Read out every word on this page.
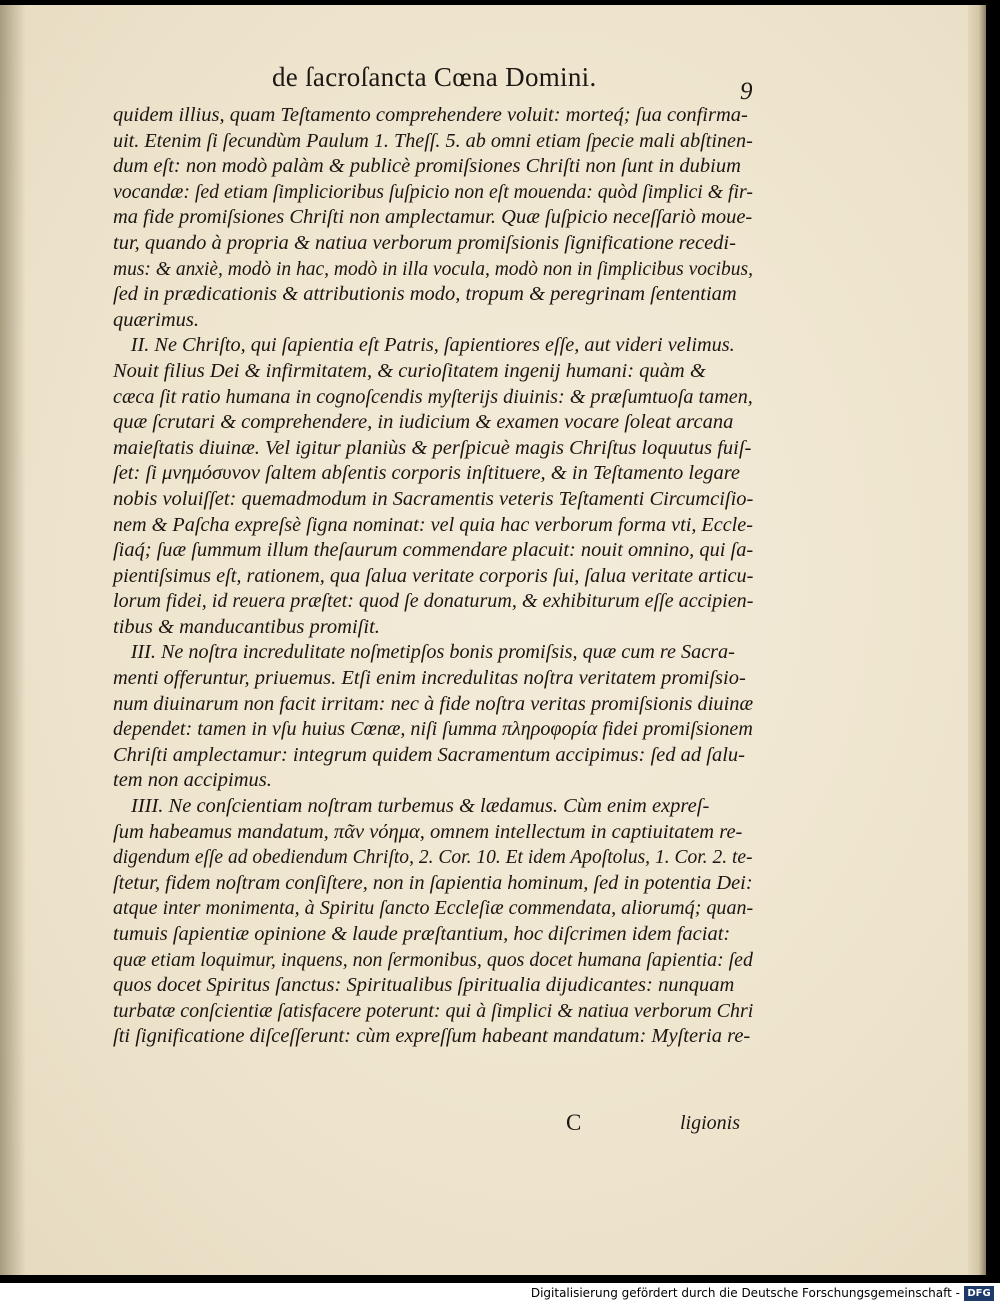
de ſacroſancta Cœna Domini.	9
quidem illius, quam Teſtamento comprehendere voluit: morteq́; ſua confirma-
uit. Etenim ſi ſecundùm Paulum 1. Theſſ. 5. ab omni etiam ſpecie mali abſtinen-
dum eſt: non modò palàm & publicè promiſsiones Chriſti non ſunt in dubium
vocandæ: ſed etiam ſimplicioribus ſuſpicio non eſt mouenda: quòd ſimplici & fir-
ma fide promiſsiones Chriſti non amplectamur. Quæ ſuſpicio neceſſariò moue-
tur, quando à propria & natiua verborum promiſsionis ſignificatione recedi-
mus: & anxiè, modò in hac, modò in illa vocula, modò non in ſimplicibus vocibus,
ſed in prædicationis & attributionis modo, tropum & peregrinam ſententiam
quærimus.
II. Ne Chriſto, qui ſapientia eſt Patris, ſapientiores eſſe, aut videri velimus.
Nouit filius Dei & infirmitatem, & curioſitatem ingenij humani: quàm &
cæca ſit ratio humana in cognoſcendis myſterijs diuinis: & præſumtuoſa tamen,
quæ ſcrutari & comprehendere, in iudicium & examen vocare ſoleat arcana
maieſtatis diuinæ. Vel igitur planiùs & perſpicuè magis Chriſtus loquutus fuiſ-
ſet: ſi μνημόσυνον ſaltem abſentis corporis inſtituere, & in Teſtamento legare
nobis voluiſſet: quemadmodum in Sacramentis veteris Teſtamenti Circumciſio-
nem & Paſcha expreſsè ſigna nominat: vel quia hac verborum forma vti, Eccle-
ſiaq́; ſuæ ſummum illum theſaurum commendare placuit: nouit omnino, qui ſa-
pientiſsimus eſt, rationem, qua ſalua veritate corporis ſui, ſalua veritate articu-
lorum fidei, id reuera præſtet: quod ſe donaturum, & exhibiturum eſſe accipien-
tibus & manducantibus promiſit.
III. Ne noſtra incredulitate noſmetipſos bonis promiſsis, quæ cum re Sacra-
menti offeruntur, priuemus. Etſi enim incredulitas noſtra veritatem promiſsio-
num diuinarum non facit irritam: nec à fide noſtra veritas promiſsionis diuinæ
dependet: tamen in vſu huius Cœnæ, niſi ſumma πληροφορία fidei promiſsionem
Chriſti amplectamur: integrum quidem Sacramentum accipimus: ſed ad ſalu-
tem non accipimus.
IIII. Ne conſcientiam noſtram turbemus & lædamus. Cùm enim expreſ-
ſum habeamus mandatum, πᾶν νόημα, omnem intellectum in captiuitatem re-
digendum eſſe ad obediendum Chriſto, 2. Cor. 10. Et idem Apoſtolus, 1. Cor. 2. te-
ſtetur, fidem noſtram conſiſtere, non in ſapientia hominum, ſed in potentia Dei:
atque inter monimenta, à Spiritu ſancto Eccleſiæ commendata, aliorumq́; quan-
tumuis ſapientiæ opinione & laude præſtantium, hoc diſcrimen idem faciat:
quæ etiam loquimur, inquens, non ſermonibus, quos docet humana ſapientia: ſed
quos docet Spiritus ſanctus: Spiritualibus ſpiritualia dijudicantes: nunquam
turbatæ conſcientiæ ſatisfacere poterunt: qui à ſimplici & natiua verborum Chri
ſti ſignificatione diſceſſerunt: cùm expreſſum habeant mandatum: Myſteria re-
C	ligionis
Digitalisierung gefördert durch die Deutsche Forschungsgemeinschaft - DFG
